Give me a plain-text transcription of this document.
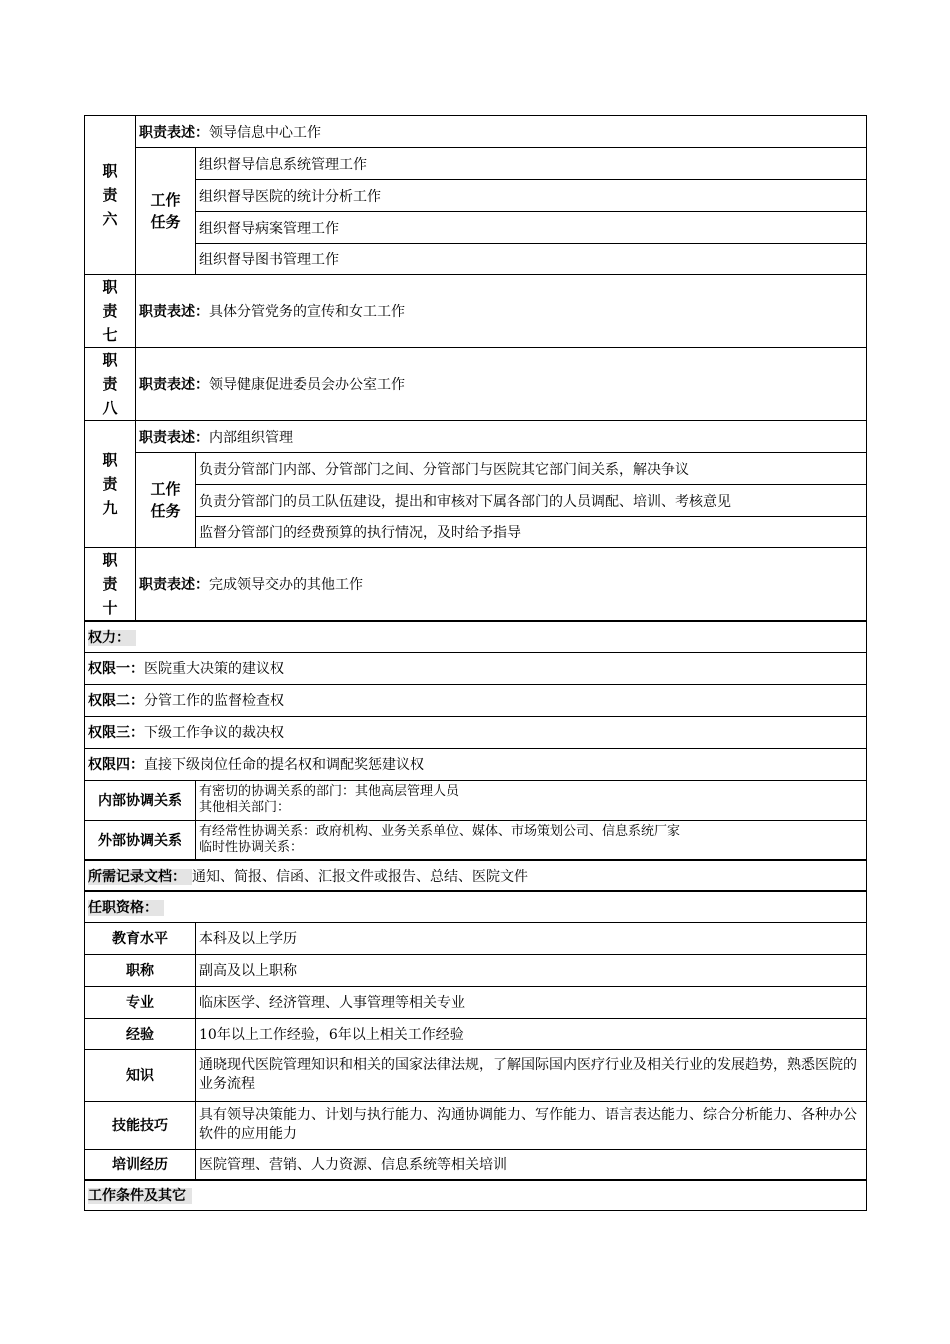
职
责
六	职责表述：领导信息中心工作	
	工作
任务	组织督导信息系统管理工作
		组织督导医院的统计分析工作
		组织督导病案管理工作
		组织督导图书管理工作
职
责
七	职责表述：具体分管党务的宣传和女工工作	
职
责
八	职责表述：领导健康促进委员会办公室工作	
职
责
九	职责表述：内部组织管理	
	工作
任务	负责分管部门内部、分管部门之间、分管部门与医院其它部门间关系，解决争议
		负责分管部门的员工队伍建设，提出和审核对下属各部门的人员调配、培训、考核意见
		监督分管部门的经费预算的执行情况，及时给予指导
职
责
十	职责表述：完成领导交办的其他工作	
权力：		
权限一：医院重大决策的建议权		
权限二：分管工作的监督检查权		
权限三：下级工作争议的裁决权		
权限四：直接下级岗位任命的提名权和调配奖惩建议权		
内部协调关系		有密切的协调关系的部门：其他高层管理人员
其他相关部门：

外部协调关系		有经常性协调关系：政府机构、业务关系单位、媒体、市场策划公司、信息系统厂家
临时性协调关系：

所需记录文档： 通知、简报、信函、汇报文件或报告、总结、医院文件		
任职资格：		
教育水平		本科及以上学历
职称		副高及以上职称
专业		临床医学、经济管理、人事管理等相关专业
经验		10年以上工作经验，6年以上相关工作经验
知识		通晓现代医院管理知识和相关的国家法律法规，了解国际国内医疗行业及相关行业的发展趋势，熟悉医院的业务流程
技能技巧		具有领导决策能力、计划与执行能力、沟通协调能力、写作能力、语言表达能力、综合分析能力、各种办公软件的应用能力
培训经历		医院管理、营销、人力资源、信息系统等相关培训
工作条件及其它		
